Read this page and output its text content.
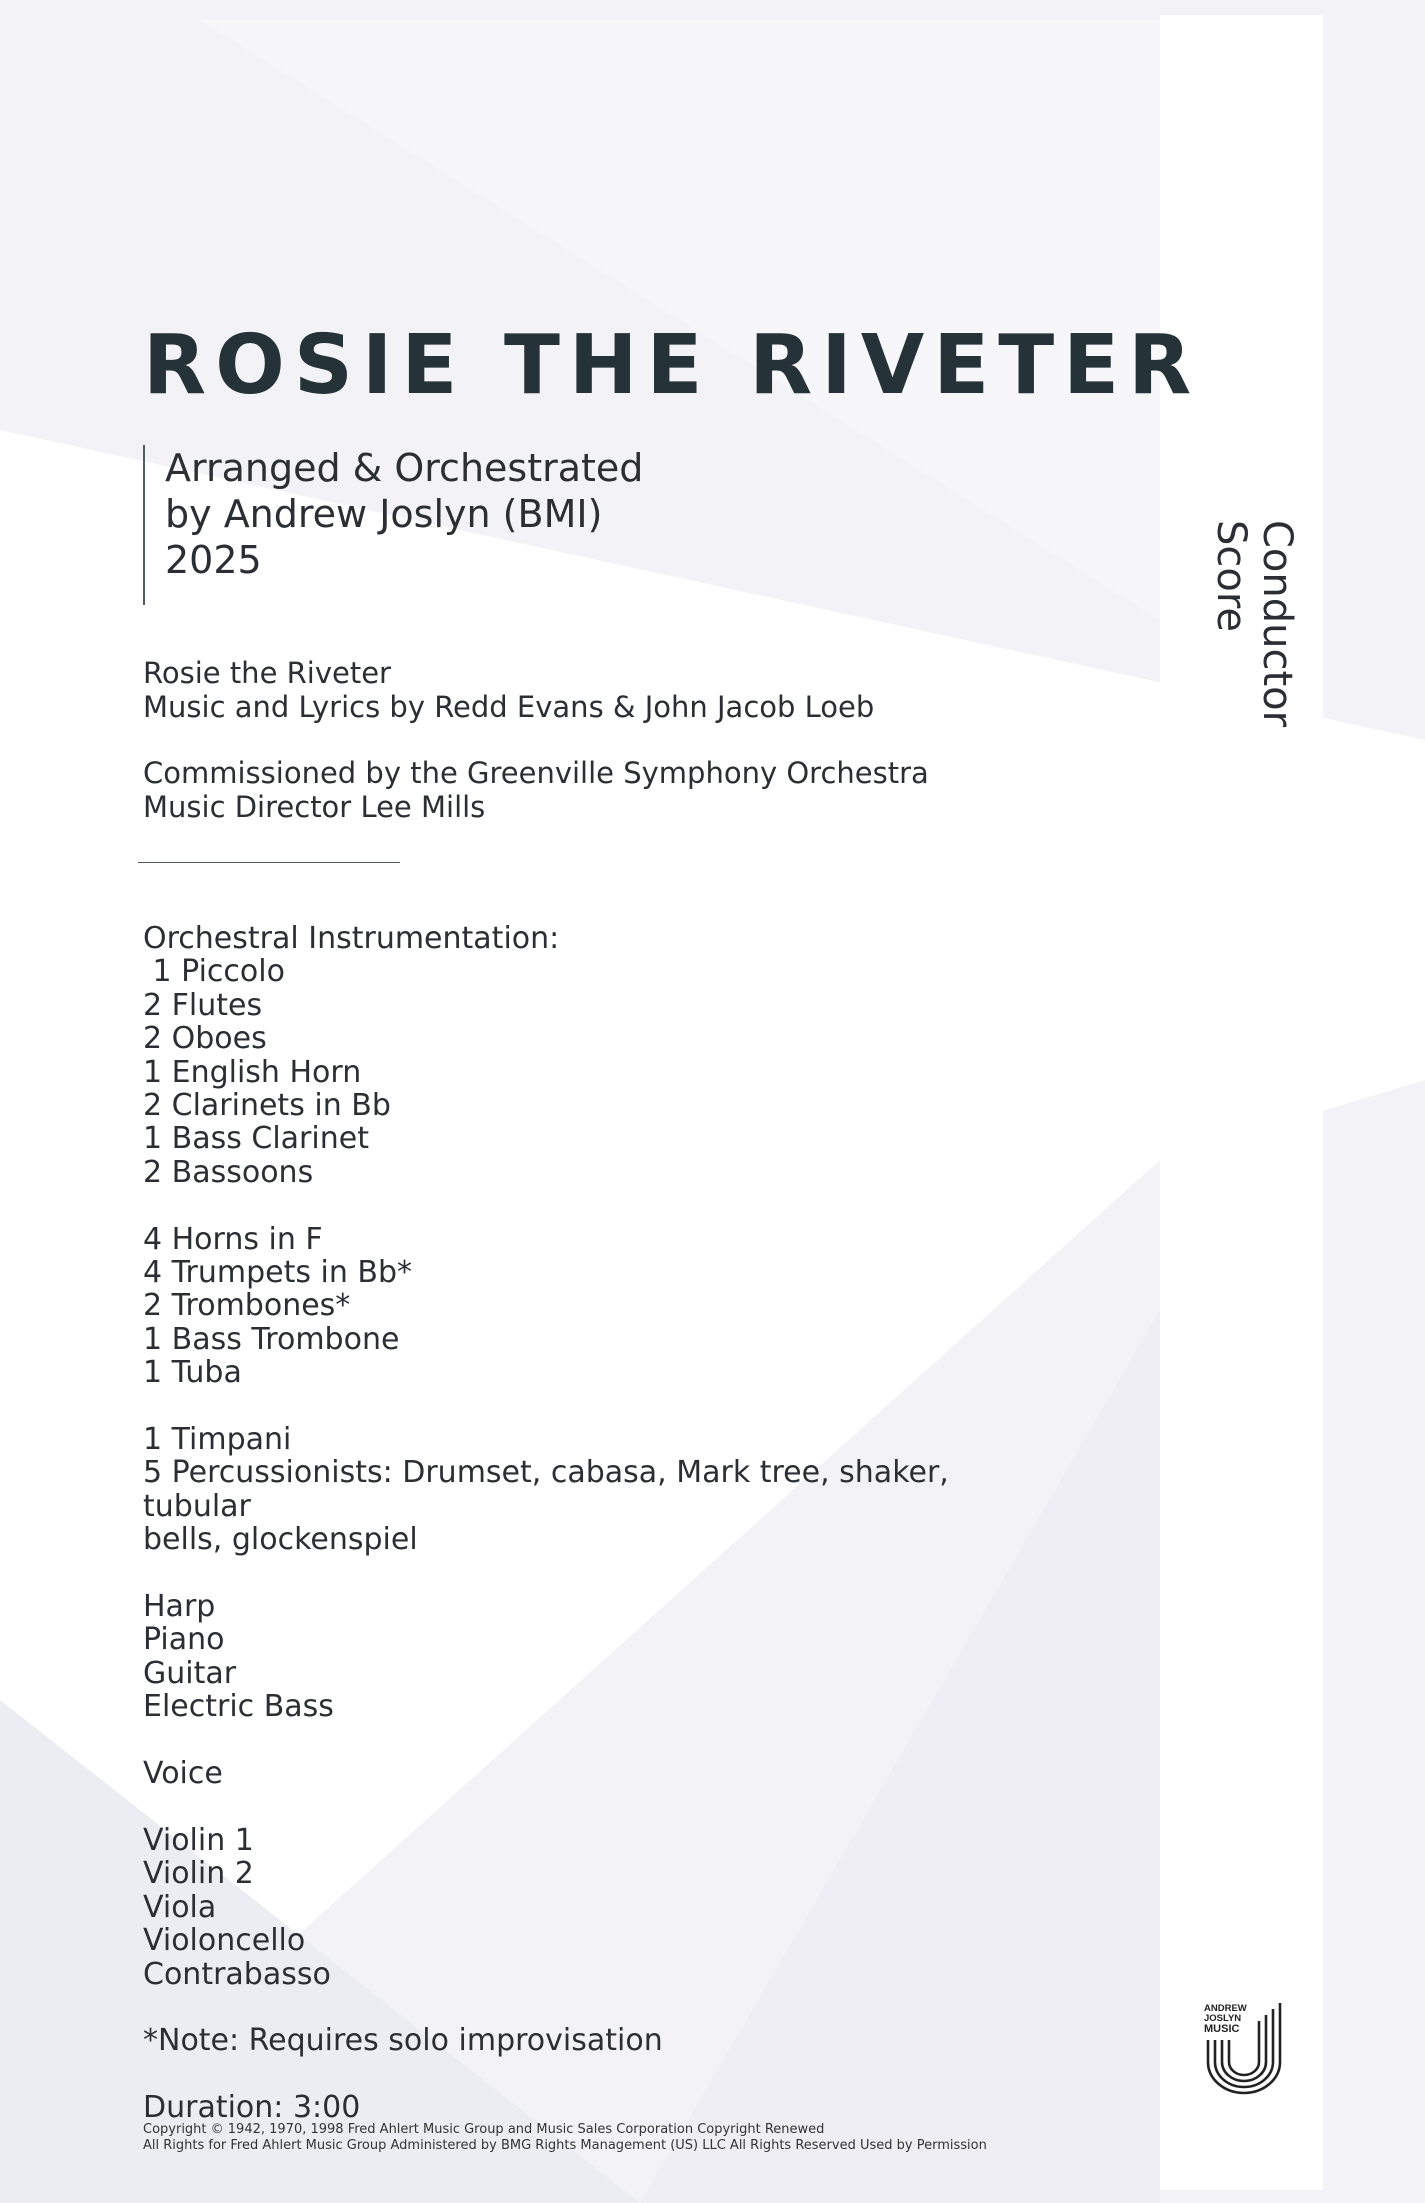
Conductor Score
ROSIE THE RIVETER
Arranged & Orchestrated
by Andrew Joslyn (BMI)
2025
Rosie the Riveter
Music and Lyrics by Redd Evans & John Jacob Loeb
Commissioned by the Greenville Symphony Orchestra
Music Director Lee Mills
Orchestral Instrumentation:
1 Piccolo
2 Flutes
2 Oboes
1 English Horn
2 Clarinets in Bb
1 Bass Clarinet
2 Bassoons
4 Horns in F
4 Trumpets in Bb*
2 Trombones*
1 Bass Trombone
1 Tuba
1 Timpani
5 Percussionists: Drumset, cabasa, Mark tree, shaker, tubular
bells, glockenspiel
Harp
Piano
Guitar
Electric Bass
Voice
Violin 1
Violin 2
Viola
Violoncello
Contrabasso
*Note: Requires solo improvisation
Duration: 3:00
Copyright © 1942, 1970, 1998 Fred Ahlert Music Group and Music Sales Corporation Copyright Renewed
All Rights for Fred Ahlert Music Group Administered by BMG Rights Management (US) LLC All Rights Reserved Used by Permission
ANDREW
JOSLYN
MUSIC
